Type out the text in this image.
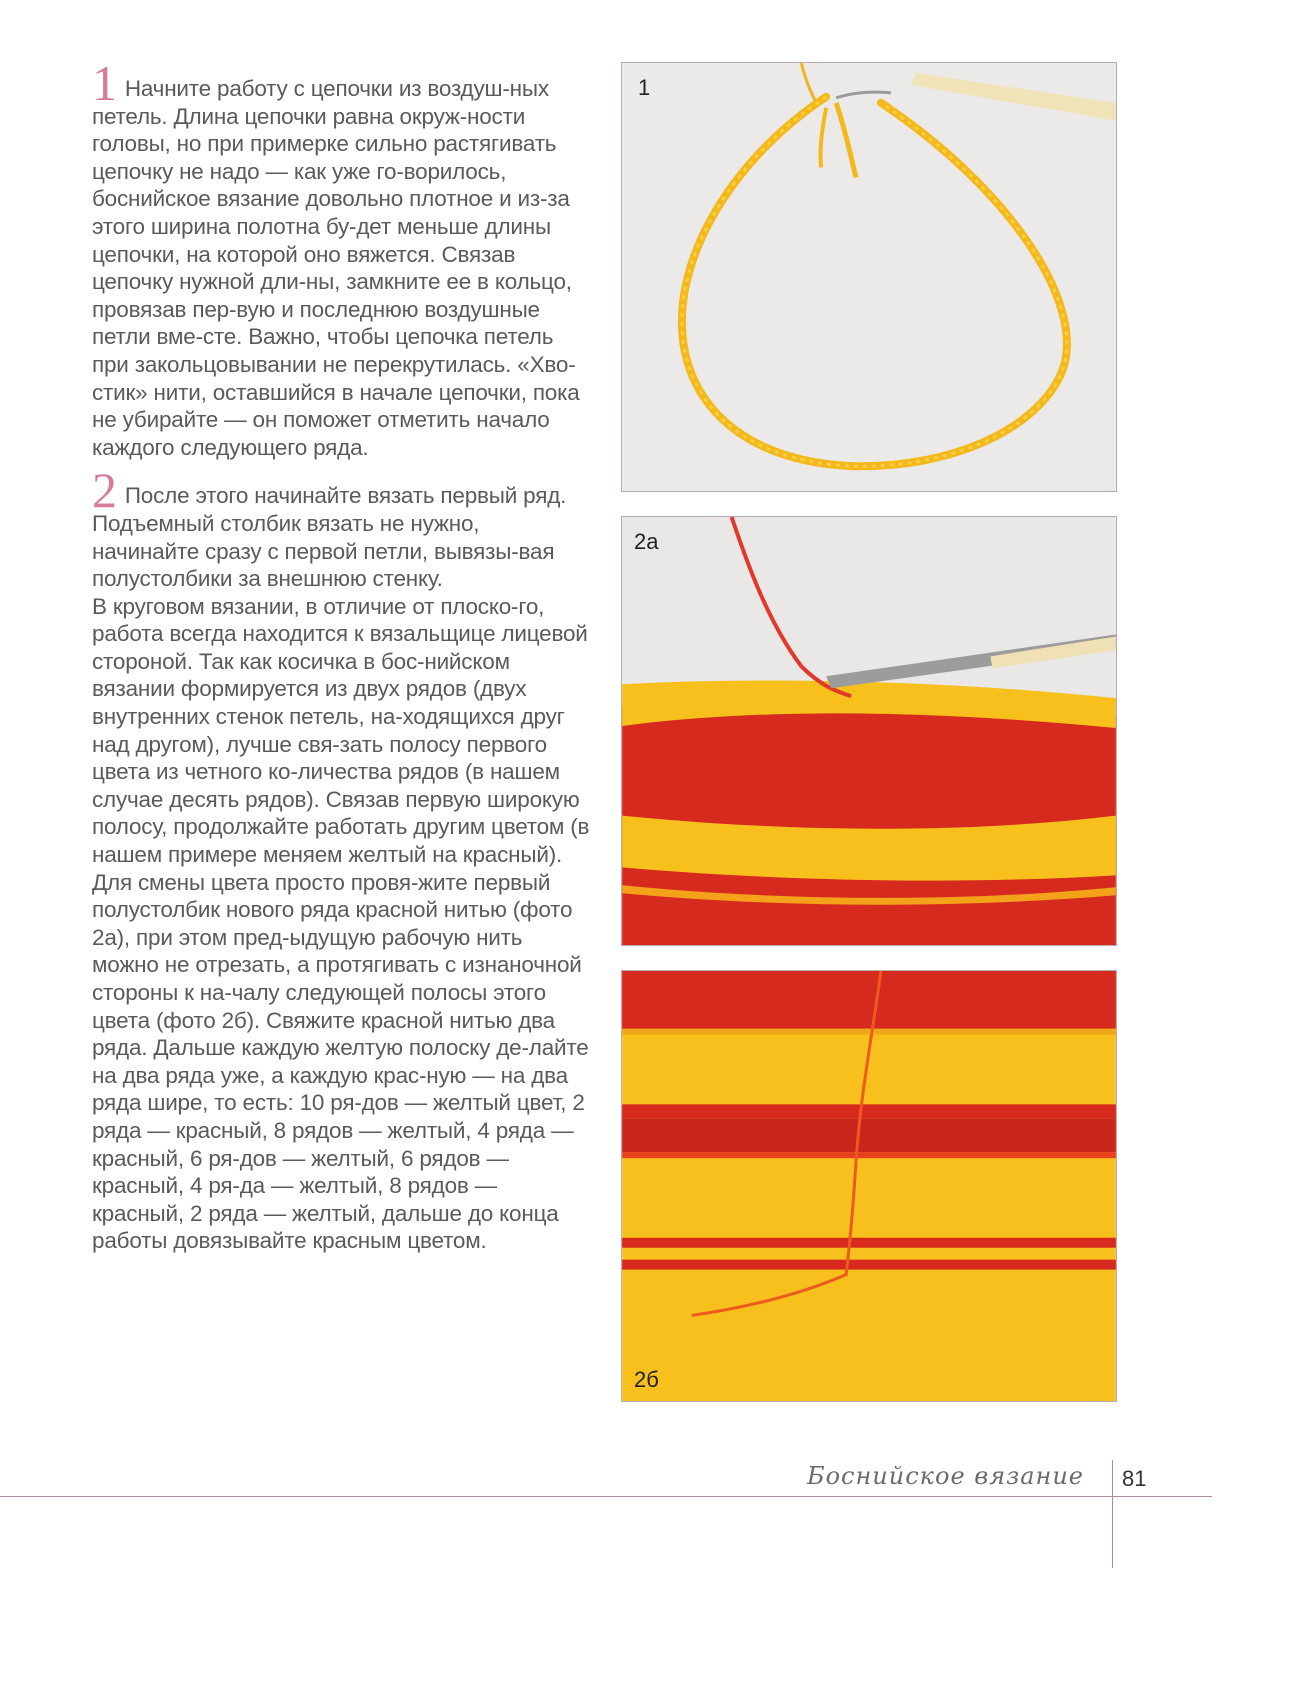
1 Начните работу с цепочки из воздуш-ных петель. Длина цепочки равна окруж-ности головы, но при примерке сильно растягивать цепочку не надо — как уже го-ворилось, боснийское вязание довольно плотное и из-за этого ширина полотна бу-дет меньше длины цепочки, на которой оно вяжется. Связав цепочку нужной дли-ны, замкните ее в кольцо, провязав пер-вую и последнюю воздушные петли вме-сте. Важно, чтобы цепочка петель при закольцовывании не перекрутилась. «Хво-стик» нити, оставшийся в начале цепочки, пока не убирайте — он поможет отметить начало каждого следующего ряда.

2 После этого начинайте вязать первый ряд. Подъемный столбик вязать не нужно, начинайте сразу с первой петли, вывязы-вая полустолбики за внешнюю стенку.

В круговом вязании, в отличие от плоско-го, работа всегда находится к вязальщице лицевой стороной. Так как косичка в бос-нийском вязании формируется из двух рядов (двух внутренних стенок петель, на-ходящихся друг над другом), лучше свя-зать полосу первого цвета из четного ко-личества рядов (в нашем случае десять рядов). Связав первую широкую полосу, продолжайте работать другим цветом (в нашем примере меняем желтый на красный). Для смены цвета просто провя-жите первый полустолбик нового ряда красной нитью (фото 2а), при этом пред-ыдущую рабочую нить можно не отрезать, а протягивать с изнаночной стороны к на-чалу следующей полосы этого цвета (фото 2б). Свяжите красной нитью два ряда. Дальше каждую желтую полоску де-лайте на два ряда уже, а каждую крас-ную — на два ряда шире, то есть: 10 ря-дов — желтый цвет, 2 ряда — красный, 8 рядов — желтый, 4 ряда — красный, 6 ря-дов — желтый, 6 рядов — красный, 4 ря-да — желтый, 8 рядов — красный, 2 ряда — желтый, дальше до конца работы довязывайте красным цветом.

1
2а
2б
Боснийское вязание 81
